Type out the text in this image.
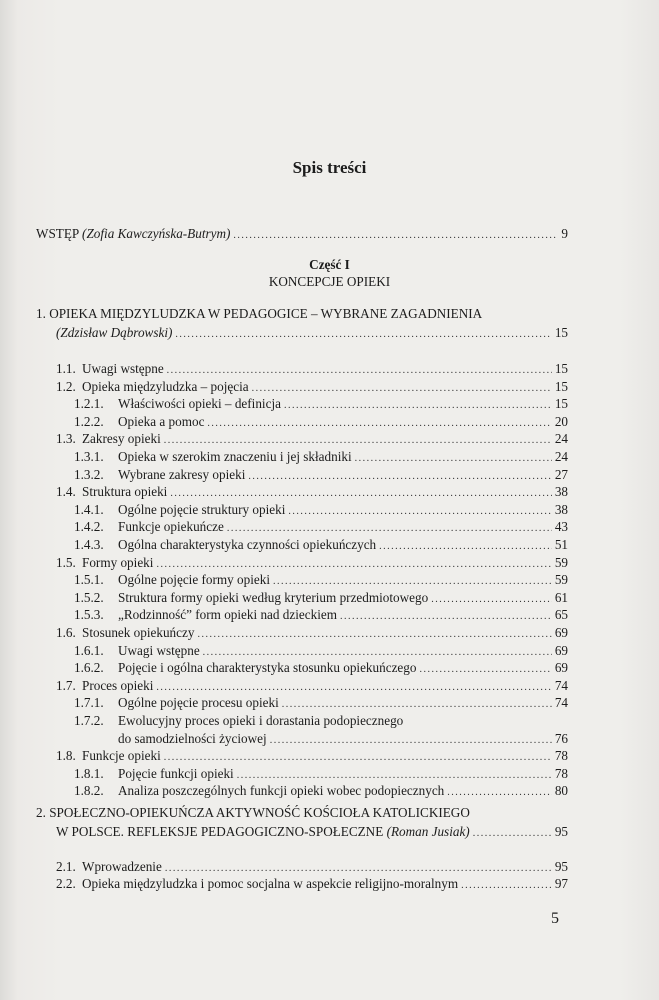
Spis treści
WSTĘP (Zofia Kawczyńska-Butrym) .....	9
Część I
KONCEPCJE OPIEKI
1. OPIEKA MIĘDZYLUDZKA W PEDAGOGICE – WYBRANE ZAGADNIENIA
(Zdzisław Dąbrowski) .....	15
1.1. Uwagi wstępne .....	15
1.2. Opieka międzyludzka – pojęcia .....	15
1.2.1. Właściwości opieki – definicja .....	15
1.2.2. Opieka a pomoc .....	20
1.3. Zakresy opieki .....	24
1.3.1. Opieka w szerokim znaczeniu i jej składniki .....	24
1.3.2. Wybrane zakresy opieki .....	27
1.4. Struktura opieki .....	38
1.4.1. Ogólne pojęcie struktury opieki .....	38
1.4.2. Funkcje opiekuńcze .....	43
1.4.3. Ogólna charakterystyka czynności opiekuńczych .....	51
1.5. Formy opieki .....	59
1.5.1. Ogólne pojęcie formy opieki .....	59
1.5.2. Struktura formy opieki według kryterium przedmiotowego .....	61
1.5.3. „Rodzinność” form opieki nad dzieckiem .....	65
1.6. Stosunek opiekuńczy .....	69
1.6.1. Uwagi wstępne .....	69
1.6.2. Pojęcie i ogólna charakterystyka stosunku opiekuńczego .....	69
1.7. Proces opieki .....	74
1.7.1. Ogólne pojęcie procesu opieki .....	74
1.7.2. Ewolucyjny proces opieki i dorastania podopiecznego
do samodzielności życiowej .....	76
1.8. Funkcje opieki .....	78
1.8.1. Pojęcie funkcji opieki .....	78
1.8.2. Analiza poszczególnych funkcji opieki wobec podopiecznych .....	80
2. SPOŁECZNO-OPIEKUŃCZA AKTYWNOŚĆ KOŚCIOŁA KATOLICKIEGO
W POLSCE. REFLEKSJE PEDAGOGICZNO-SPOŁECZNE (Roman Jusiak) .....	95
2.1. Wprowadzenie .....	95
2.2. Opieka międzyludzka i pomoc socjalna w aspekcie religijno-moralnym .....	97
5
